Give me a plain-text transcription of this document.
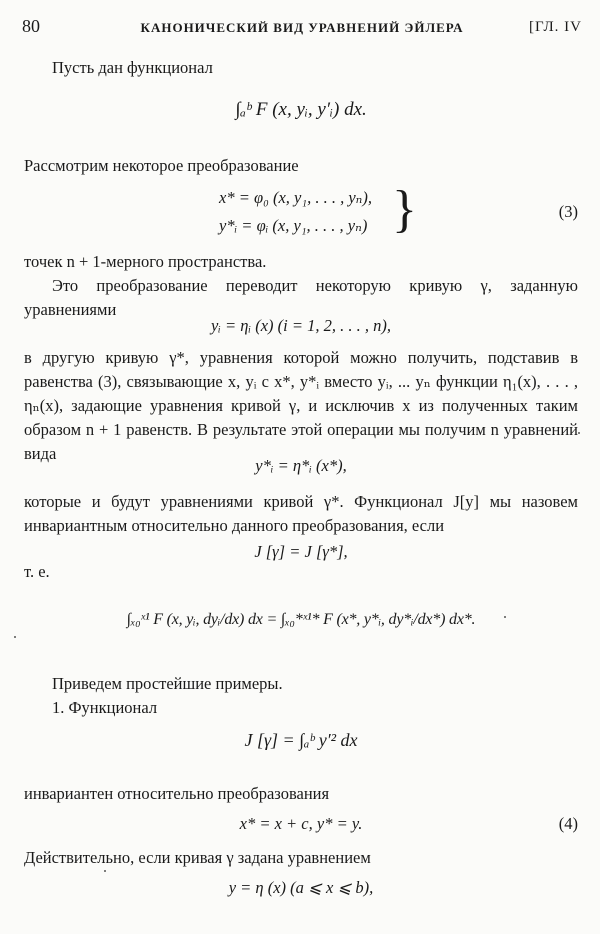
80	КАНОНИЧЕСКИЙ ВИД УРАВНЕНИЙ ЭЙЛЕРА	[ГЛ. IV

Пусть дан функционал

∫ₐᵇ F (x, yᵢ, y′ᵢ) dx.

Рассмотрим некоторое преобразование

x* = φ₀ (x, y₁, . . . , yₙ),
y*ᵢ = φᵢ (x, y₁, . . . , yₙ) }	(3)

точек n + 1-мерного пространства.

Это преобразование переводит некоторую кривую γ, заданную уравнениями

yᵢ = ηᵢ (x) (i = 1, 2, . . . , n),

в другую кривую γ*, уравнения которой можно получить, подставив в равенства (3), связывающие x, yᵢ с x*, y*ᵢ вместо yᵢ, ... yₙ функции η₁(x), . . . , ηₙ(x), задающие уравнения кривой γ, и исключив x из полученных таким образом n + 1 равенств. В результате этой операции мы получим n уравнений вида

y*ᵢ = η*ᵢ (x*),

которые и будут уравнениями кривой γ*. Функционал J[y] мы назовем инвариантным относительно данного преобразования, если

J [γ] = J [γ*],

т. е.

∫ₓ₀ˣ¹ F (x, yᵢ, dyᵢ/dx) dx = ∫ₓ₀*ˣ¹* F (x*, y*ᵢ, dy*ᵢ/dx*) dx*.

Приведем простейшие примеры.

1. Функционал

J [γ] = ∫ₐᵇ y′² dx

инвариантен относительно преобразования

x* = x + c, y* = y.	(4)

Действительно, если кривая γ задана уравнением

y = η (x) (a ⩽ x ⩽ b),
